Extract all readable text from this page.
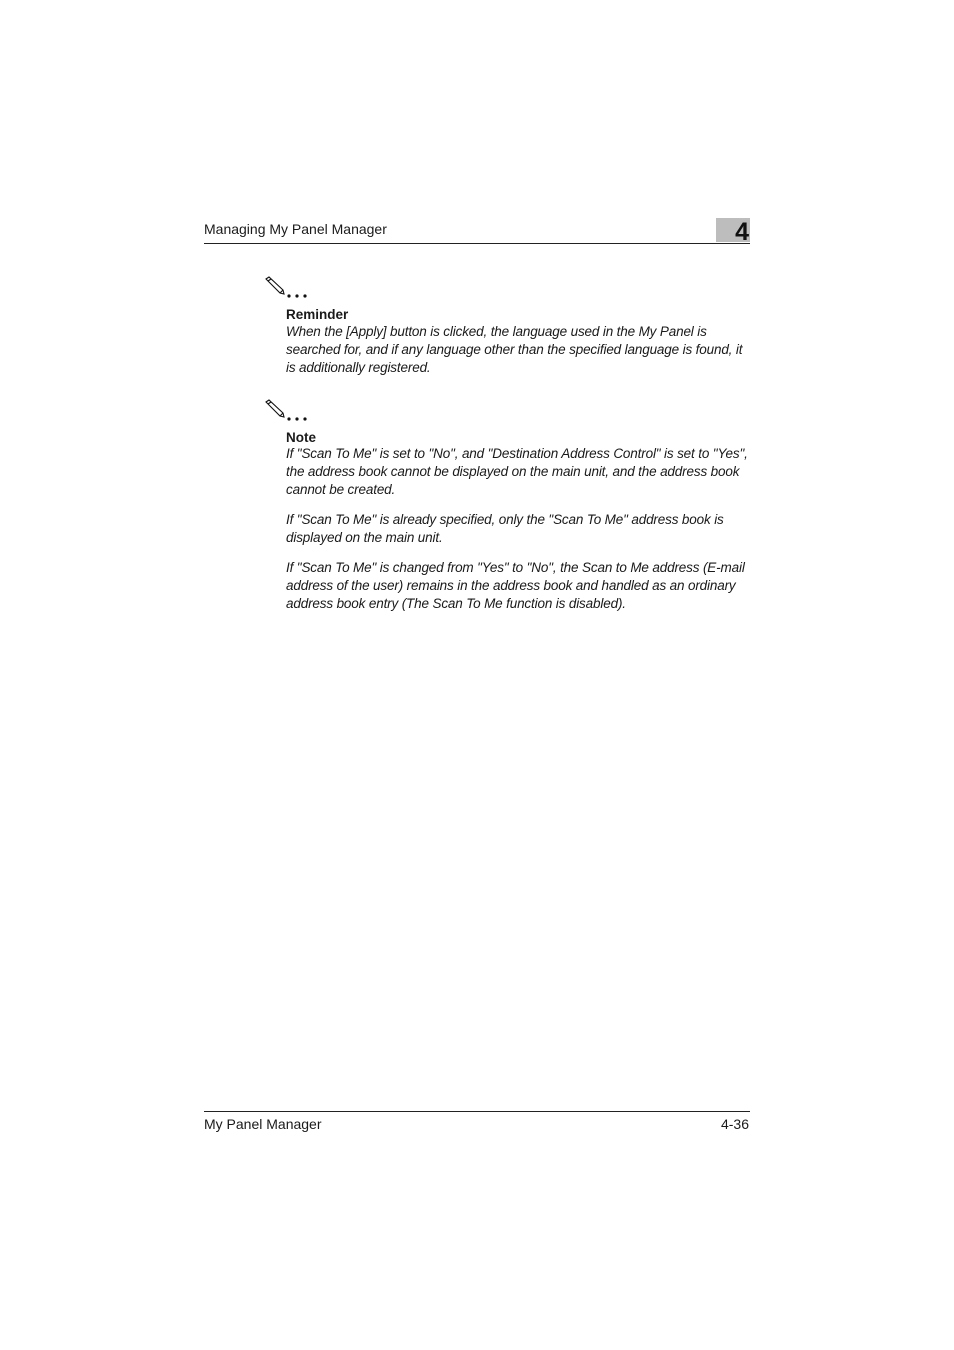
Managing My Panel Manager	4
Reminder

When the [Apply] button is clicked, the language used in the My Panel is searched for, and if any language other than the specified language is found, it is additionally registered.

Note

If "Scan To Me" is set to "No", and "Destination Address Control" is set to "Yes", the address book cannot be displayed on the main unit, and the address book cannot be created.

If "Scan To Me" is already specified, only the "Scan To Me" address book is displayed on the main unit.

If "Scan To Me" is changed from "Yes" to "No", the Scan to Me address (E-mail address of the user) remains in the address book and handled as an ordinary address book entry (The Scan To Me function is disabled).

My Panel Manager	4-36
